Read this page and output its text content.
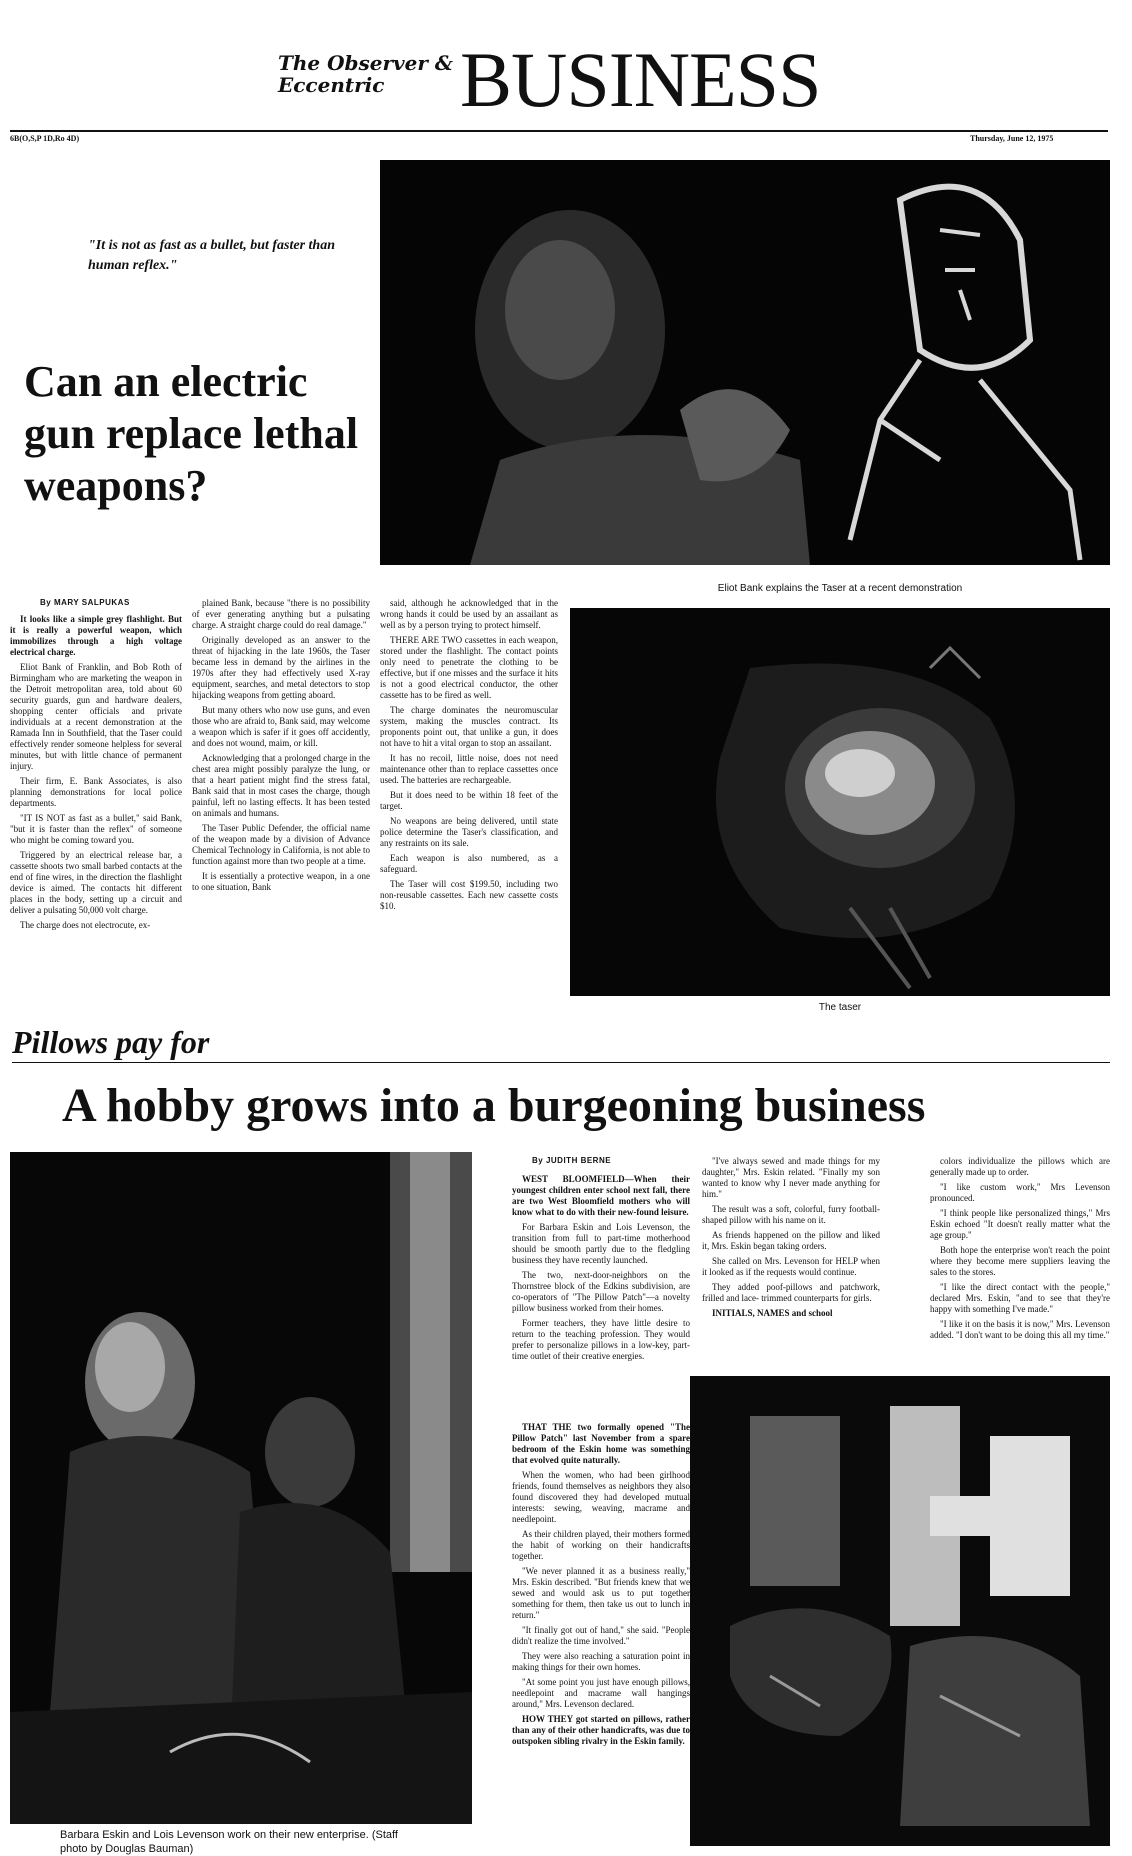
The Observer & Eccentric BUSINESS
6B(O,S,P 1D,Ro 4D)	Thursday, June 12, 1975
"It is not as fast as a bullet, but faster than human reflex."
Can an electric gun replace lethal weapons?
Eliot Bank explains the Taser at a recent demonstration
By MARY SALPUKAS

It looks like a simple grey flashlight. But it is really a powerful weapon, which immobilizes through a high voltage electrical charge.

Eliot Bank of Franklin, and Bob Roth of Birmingham who are marketing the weapon in the Detroit metropolitan area, told about 60 security guards, gun and hardware dealers, shopping center officials and private individuals at a recent demonstration at the Ramada Inn in Southfield, that the Taser could effectively render someone helpless for several minutes, but with little chance of permanent injury.

Their firm, E. Bank Associates, is also planning demonstrations for local police departments.

"IT IS NOT as fast as a bullet," said Bank, "but it is faster than the reflex" of someone who might be coming toward you.

Triggered by an electrical release bar, a cassette shoots two small barbed contacts at the end of fine wires, in the direction the flashlight device is aimed. The contacts hit different places in the body, setting up a circuit and deliver a pulsating 50,000 volt charge.

The charge does not electrocute, ex-

plained Bank, because "there is no possibility of ever generating anything but a pulsating charge. A straight charge could do real damage."

Originally developed as an answer to the threat of hijacking in the late 1960s, the Taser became less in demand by the airlines in the 1970s after they had effectively used X-ray equipment, searches, and metal detectors to stop hijacking weapons from getting aboard.

But many others who now use guns, and even those who are afraid to, Bank said, may welcome a weapon which is safer if it goes off accidently, and does not wound, maim, or kill.

Acknowledging that a prolonged charge in the chest area might possibly paralyze the lung, or that a heart patient might find the stress fatal, Bank said that in most cases the charge, though painful, left no lasting effects. It has been tested on animals and humans.

The Taser Public Defender, the official name of the weapon made by a division of Advance Chemical Technology in California, is not able to function against more than two people at a time.

It is essentially a protective weapon, in a one to one situation, Bank

said, although he acknowledged that in the wrong hands it could be used by an assailant as well as by a person trying to protect himself.

THERE ARE TWO cassettes in each weapon, stored under the flashlight. The contact points only need to penetrate the clothing to be effective, but if one misses and the surface it hits is not a good electrical conductor, the other cassette has to be fired as well.

The charge dominates the neuromuscular system, making the muscles contract. Its proponents point out, that unlike a gun, it does not have to hit a vital organ to stop an assailant.

It has no recoil, little noise, does not need maintenance other than to replace cassettes once used. The batteries are rechargeable.

But it does need to be within 18 feet of the target.

No weapons are being delivered, until state police determine the Taser's classification, and any restraints on its sale.

Each weapon is also numbered, as a safeguard.

The Taser will cost $199.50, including two non-reusable cassettes. Each new cassette costs $10.

The taser
Pillows pay for
A hobby grows into a burgeoning business
Barbara Eskin and Lois Levenson work on their new enterprise. (Staff photo by Douglas Bauman)
By JUDITH BERNE

WEST BLOOMFIELD—When their youngest children enter school next fall, there are two West Bloomfield mothers who will know what to do with their new-found leisure.

For Barbara Eskin and Lois Levenson, the transition from full to part-time motherhood should be smooth partly due to the fledgling business they have recently launched.

The two, next-door-neighbors on the Thornstree block of the Edkins subdivision, are co-operators of "The Pillow Patch"—a novelty pillow business worked from their homes.

Former teachers, they have little desire to return to the teaching profession. They would prefer to personalize pillows in a low-key, part-time outlet of their creative energies.

THAT THE two formally opened "The Pillow Patch" last November from a spare bedroom of the Eskin home was something that evolved quite naturally.

When the women, who had been girlhood friends, found themselves as neighbors they also found discovered they had developed mutual interests: sewing, weaving, macrame and needlepoint.

As their children played, their mothers formed the habit of working on their handicrafts together.

"We never planned it as a business really," Mrs. Eskin described. "But friends knew that we sewed and would ask us to put together something for them, then take us out to lunch in return."

"It finally got out of hand," she said. "People didn't realize the time involved."

They were also reaching a saturation point in making things for their own homes.

"At some point you just have enough pillows, needlepoint and macrame wall hangings around," Mrs. Levenson declared.

HOW THEY got started on pillows, rather than any of their other handicrafts, was due to outspoken sibling rivalry in the Eskin family.

"I've always sewed and made things for my daughter," Mrs. Eskin related. "Finally my son wanted to know why I never made anything for him."

The result was a soft, colorful, furry football-shaped pillow with his name on it.

As friends happened on the pillow and liked it, Mrs. Eskin began taking orders.

She called on Mrs. Levenson for HELP when it looked as if the requests would continue.

They added poof-pillows and patchwork, frilled and lace- trimmed counterparts for girls.

INITIALS, NAMES and school

colors individualize the pillows which are generally made up to order.

"I like custom work," Mrs Levenson pronounced.

"I think people like personalized things," Mrs Eskin echoed "It doesn't really matter what the age group."

Both hope the enterprise won't reach the point where they become mere suppliers leaving the sales to the stores.

"I like the direct contact with the people," declared Mrs. Eskin, "and to see that they're happy with something I've made."

"I like it on the basis it is now," Mrs. Levenson added. "I don't want to be doing this all my time."
